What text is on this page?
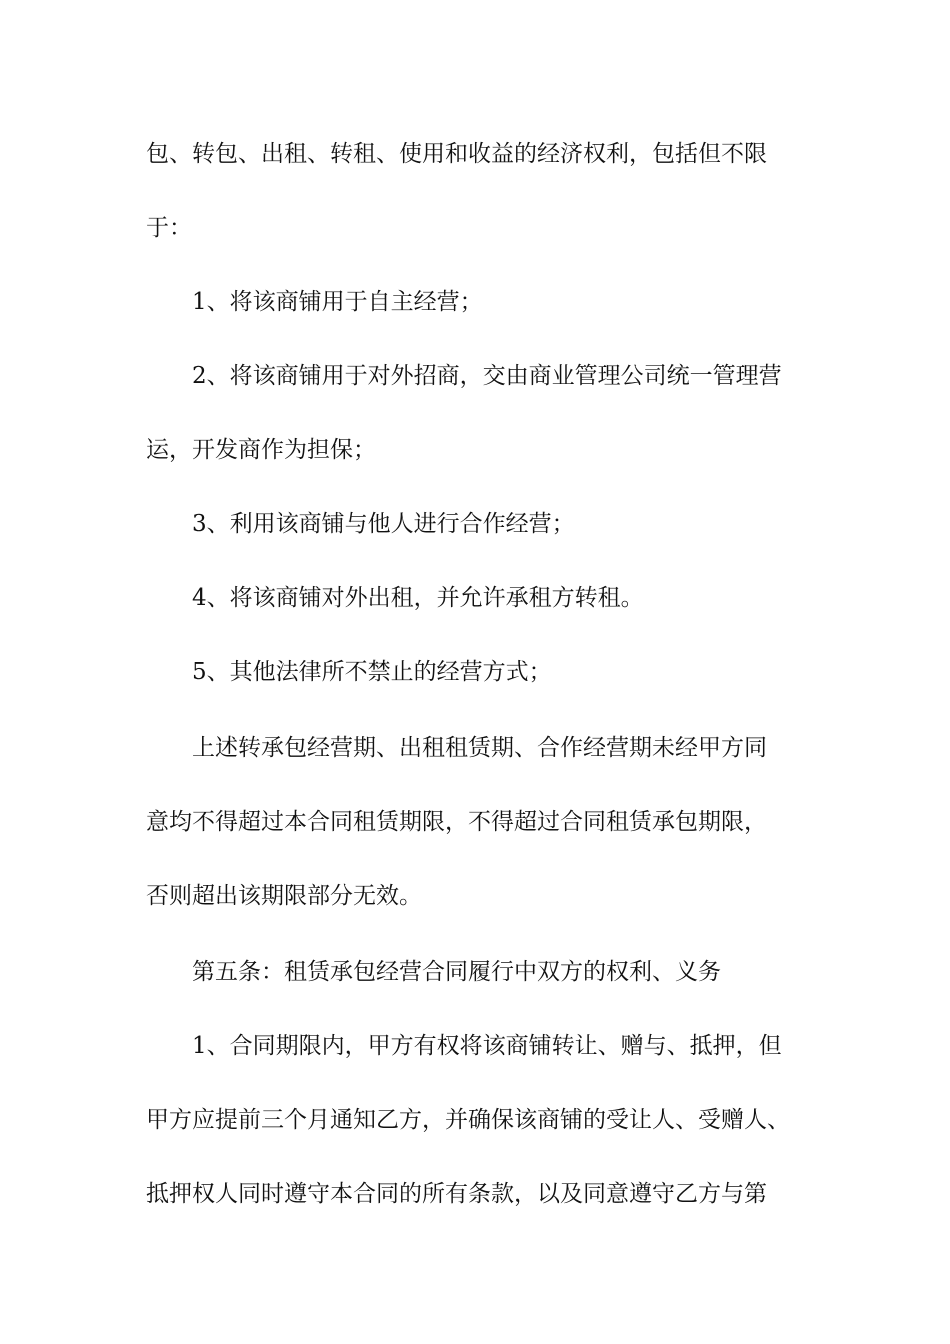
包、转包、出租、转租、使用和收益的经济权利，包括但不限
于：
1、将该商铺用于自主经营；
2、将该商铺用于对外招商，交由商业管理公司统一管理营
运，开发商作为担保；
3、利用该商铺与他人进行合作经营；
4、将该商铺对外出租，并允许承租方转租。
5、其他法律所不禁止的经营方式；
上述转承包经营期、出租租赁期、合作经营期未经甲方同
意均不得超过本合同租赁期限，不得超过合同租赁承包期限，
否则超出该期限部分无效。
第五条：租赁承包经营合同履行中双方的权利、义务
1、合同期限内，甲方有权将该商铺转让、赠与、抵押，但
甲方应提前三个月通知乙方，并确保该商铺的受让人、受赠人、
抵押权人同时遵守本合同的所有条款，以及同意遵守乙方与第
